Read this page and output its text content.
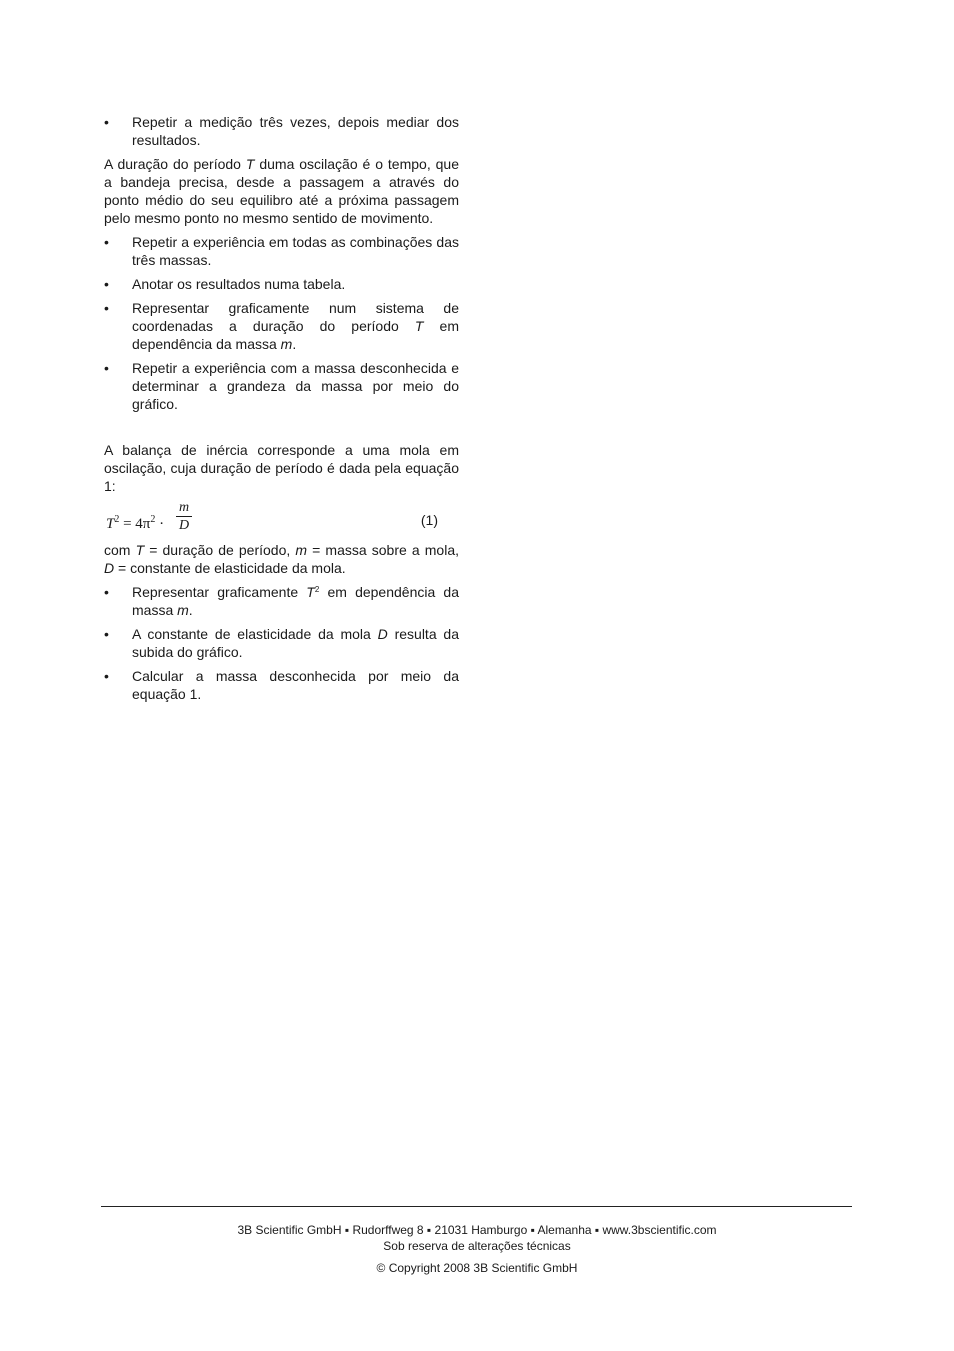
•	Repetir a medição três vezes, depois mediar dos resultados.

A duração do período T duma oscilação é o tempo, que a bandeja precisa, desde a passagem a através do ponto médio do seu equilibro até a próxima passagem pelo mesmo ponto no mesmo sentido de movimento.

•	Repetir a experiência em todas as combinações das três massas.
•	Anotar os resultados numa tabela.
•	Representar graficamente num sistema de coordenadas a duração do período T em dependência da massa m.
•	Repetir a experiência com a massa desconhecida e determinar a grandeza da massa por meio do gráfico.

A balança de inércia corresponde a uma mola em oscilação, cuja duração de período é dada pela equação 1:

$T^2 = 4\pi^2 \cdot \frac{m}{D}$	(1)

com T = duração de período, m = massa sobre a mola, D = constante de elasticidade da mola.

•	Representar graficamente $T^2$ em dependência da massa m.
•	A constante de elasticidade da mola D resulta da subida do gráfico.
•	Calcular a massa desconhecida por meio da equação 1.
3B Scientific GmbH ▪ Rudorffweg 8 ▪ 21031 Hamburgo ▪ Alemanha ▪ www.3bscientific.com
Sob reserva de alterações técnicas
© Copyright 2008 3B Scientific GmbH
